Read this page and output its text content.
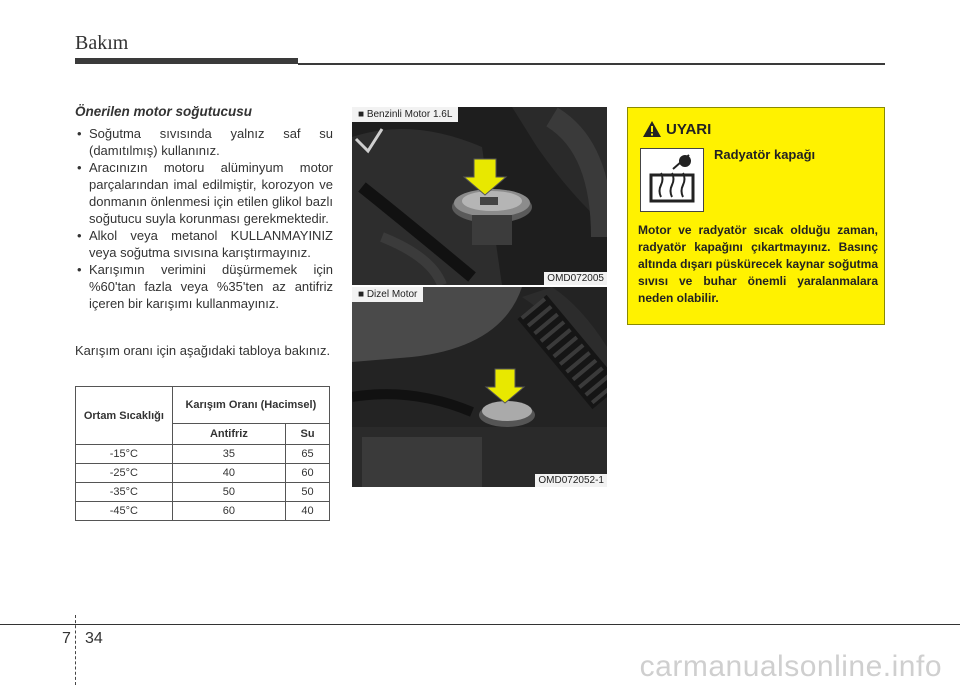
Bakım
Önerilen motor soğutucusu
• Soğutma sıvısında yalnız saf su (damıtılmış) kullanınız.
• Aracınızın motoru alüminyum motor parçalarından imal edilmiştir, korozyon ve donmanın önlenmesi için etilen glikol bazlı soğutucu suyla korunması gerekmektedir.
• Alkol veya metanol KULLANMAYINIZ veya soğutma sıvısına karıştırmayınız.
• Karışımın verimini düşürmemek için %60'tan fazla veya %35'ten az antifriz içeren bir karışımı kullanmayınız.
Karışım oranı için aşağıdaki tabloya bakınız.
Ortam Sıcaklığı	Karışım Oranı (Hacimsel)	
	Antifriz	Su
-15°C	35	65
-25°C	40	60
-35°C	50	50
-45°C	60	40
■ Benzinli Motor 1.6L
OMD072005
■ Dizel Motor
OMD072052-1
UYARI
Radyatör kapağı
Motor ve radyatör sıcak olduğu zaman, radyatör kapağını çıkartmayınız. Basınç altında dışarı püskürecek kaynar soğutma sıvısı ve buhar önemli yaralanmalara neden olabilir.
7 34
carmanualsonline.info
